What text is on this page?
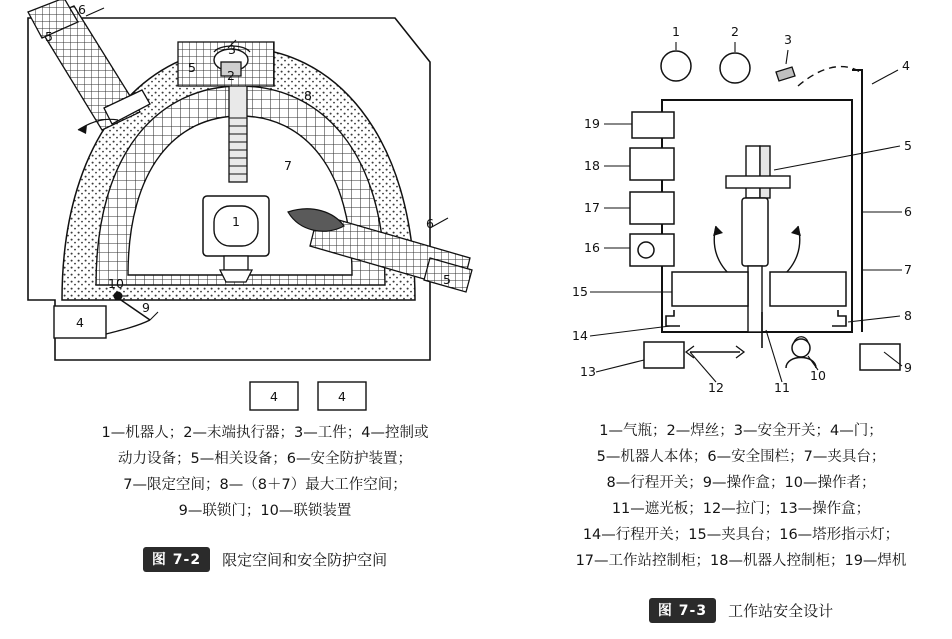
4
4	4
1
2
3
5
5
5
6
6
7
8
9
10
1—机器人；2—末端执行器；3—工件；4—控制或
动力设备；5—相关设备；6—安全防护装置；
7—限定空间；8—（8＋7）最大工作空间；
9—联锁门；10—联锁装置
图 7-2	限定空间和安全防护空间
1	2
3
4
5
6
7
8
9
10
11
12
13
14
15
16
17
18
19
1—气瓶；2—焊丝；3—安全开关；4—门；
5—机器人本体；6—安全围栏；7—夹具台；
8—行程开关；9—操作盒；10—操作者；
11—遮光板；12—拉门；13—操作盒；
14—行程开关；15—夹具台；16—塔形指示灯；
17—工作站控制柜；18—机器人控制柜；19—焊机
图 7-3	工作站安全设计
